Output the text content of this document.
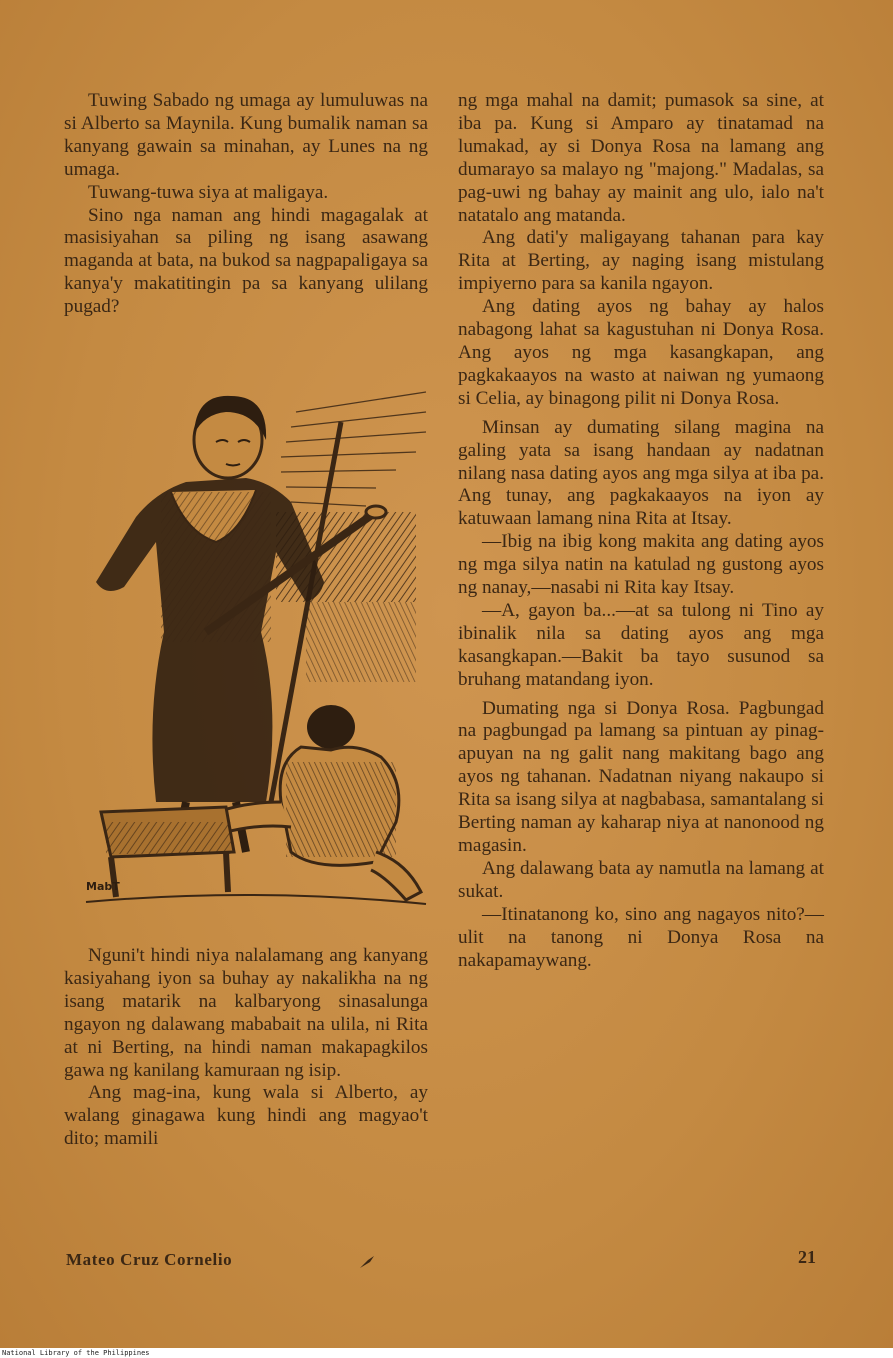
Tuwing Sabado ng umaga ay lumuluwas na si Alberto sa Maynila. Kung bumalik naman sa kanyang gawain sa minahan, ay Lunes na ng umaga.

Tuwang-tuwa siya at maligaya.

Sino nga naman ang hindi magagalak at masisiyahan sa piling ng isang asawang maganda at bata, na bukod sa nagpapaligaya sa kanya'y makatitingin pa sa kanyang ulilang pugad?

MabT

Nguni't hindi niya nalalamang ang kanyang kasiyahang iyon sa buhay ay nakalikha na ng isang matarik na kalbaryong sinasalunga ngayon ng dalawang mababait na ulila, ni Rita at ni Berting, na hindi naman makapagkilos gawa ng kanilang kamuraan ng isip.

Ang mag-ina, kung wala si Alberto, ay walang ginagawa kung hindi ang magyao't dito; mamili

ng mga mahal na damit; pumasok sa sine, at iba pa. Kung si Amparo ay tinatamad na lumakad, ay si Donya Rosa na lamang ang dumarayo sa malayo ng "majong." Madalas, sa pag-uwi ng bahay ay mainit ang ulo, ialo na't natatalo ang matanda.

Ang dati'y maligayang tahanan para kay Rita at Berting, ay naging isang mistulang impiyerno para sa kanila ngayon.

Ang dating ayos ng bahay ay halos nabagong lahat sa kagustuhan ni Donya Rosa. Ang ayos ng mga kasangkapan, ang pagkakaayos na wasto at naiwan ng yumaong si Celia, ay binagong pilit ni Donya Rosa.

Minsan ay dumating silang magina na galing yata sa isang handaan ay nadatnan nilang nasa dating ayos ang mga silya at iba pa. Ang tunay, ang pagkakaayos na iyon ay katuwaan lamang nina Rita at Itsay.

—Ibig na ibig kong makita ang dating ayos ng mga silya natin na katulad ng gustong ayos ng nanay,—nasabi ni Rita kay Itsay.

—A, gayon ba...—at sa tulong ni Tino ay ibinalik nila sa dating ayos ang mga kasangkapan.—Bakit ba tayo susunod sa bruhang matandang iyon.

Dumating nga si Donya Rosa. Pagbungad na pagbungad pa lamang sa pintuan ay pinag-apuyan na ng galit nang makitang bago ang ayos ng tahanan. Nadatnan niyang nakaupo si Rita sa isang silya at nagbabasa, samantalang si Berting naman ay kaharap niya at nanonood ng magasin.

Ang dalawang bata ay namutla na lamang at sukat.

—Itinatanong ko, sino ang nagayos nito?—ulit na tanong ni Donya Rosa na nakapamaywang.

Mateo Cruz Cornelio	21
National Library of the Philippines
